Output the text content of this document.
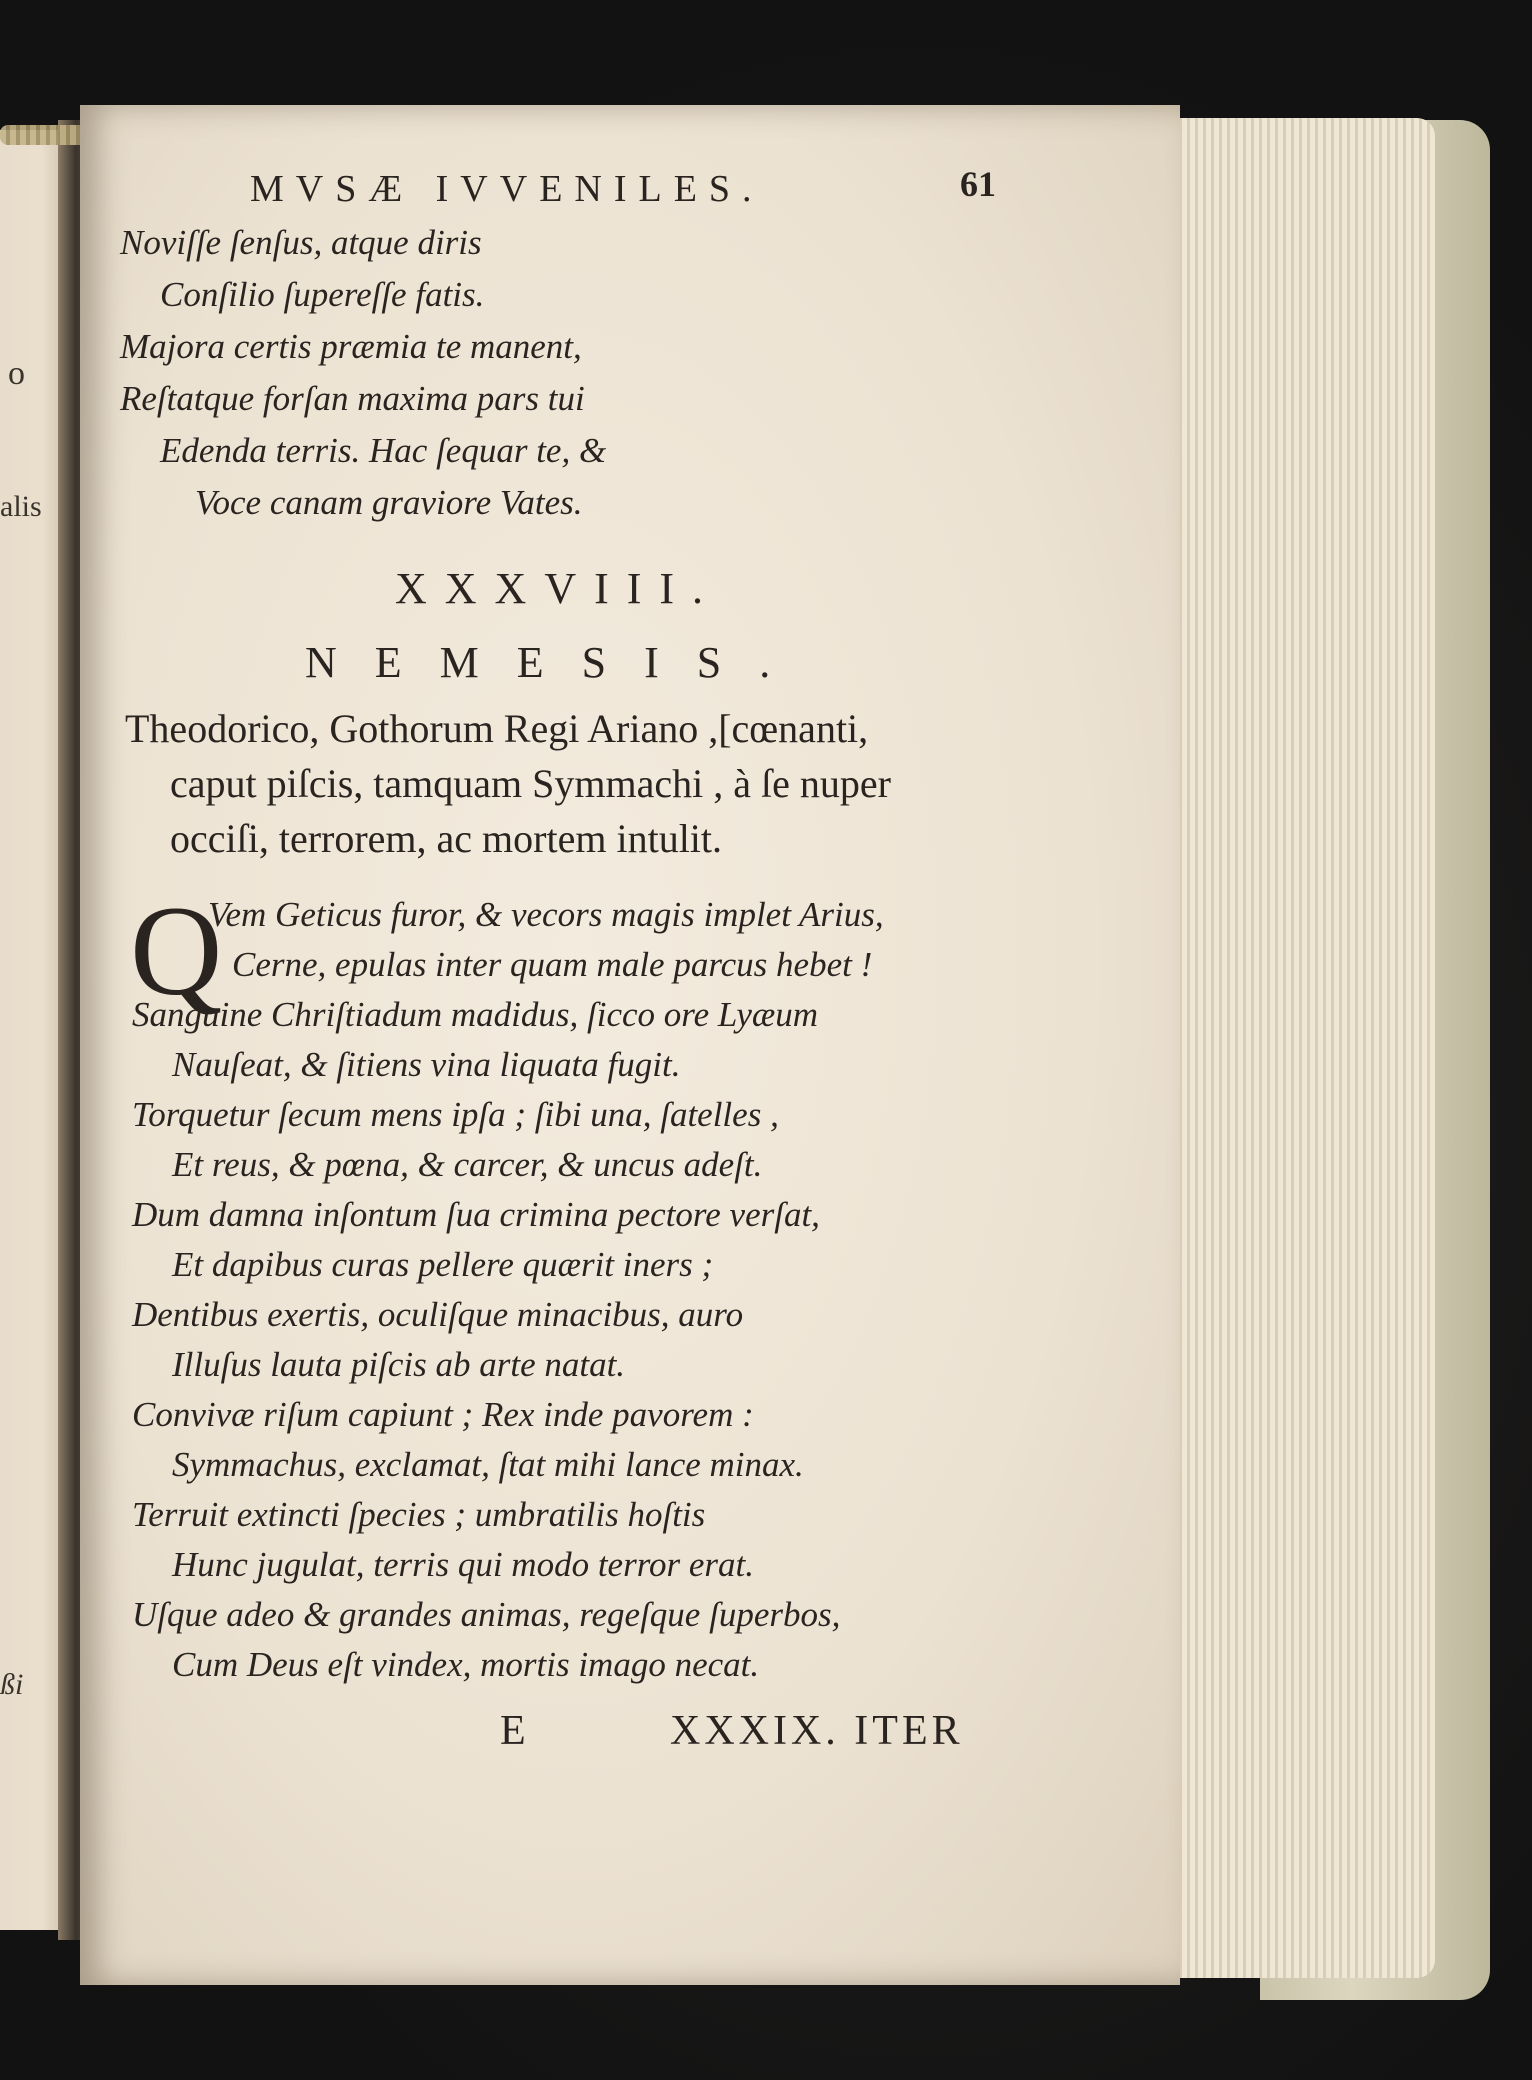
o
alis
ßi
MVSÆ IVVENILES.	61
Noviſſe ſenſus, atque diris
Conſilio ſupereſſe fatis.
Majora certis præmia te manent,
Reſtatque forſan maxima pars tui
Edenda terris. Hac ſequar te, &
Voce canam graviore Vates.
XXXVIII.
NEMESIS.
Theodorico, Gothorum Regi Ariano ,[cœnanti,
caput piſcis, tamquam Symmachi , à ſe nuper
occiſi, terrorem, ac mortem intulit.
Q
Vem Geticus furor, & vecors magis implet Arius,
Cerne, epulas inter quam male parcus hebet !
Sanguine Chriſtiadum madidus, ſicco ore Lyæum
Nauſeat, & ſitiens vina liquata fugit.
Torquetur ſecum mens ipſa ; ſibi una, ſatelles ,
Et reus, & pœna, & carcer, & uncus adeſt.
Dum damna inſontum ſua crimina pectore verſat,
Et dapibus curas pellere quærit iners ;
Dentibus exertis, oculiſque minacibus, auro
Illuſus lauta piſcis ab arte natat.
Convivæ riſum capiunt ; Rex inde pavorem :
Symmachus, exclamat, ſtat mihi lance minax.
Terruit extincti ſpecies ; umbratilis hoſtis
Hunc jugulat, terris qui modo terror erat.
Uſque adeo & grandes animas, regeſque ſuperbos,
Cum Deus eſt vindex, mortis imago necat.
E	XXXIX. ITER
